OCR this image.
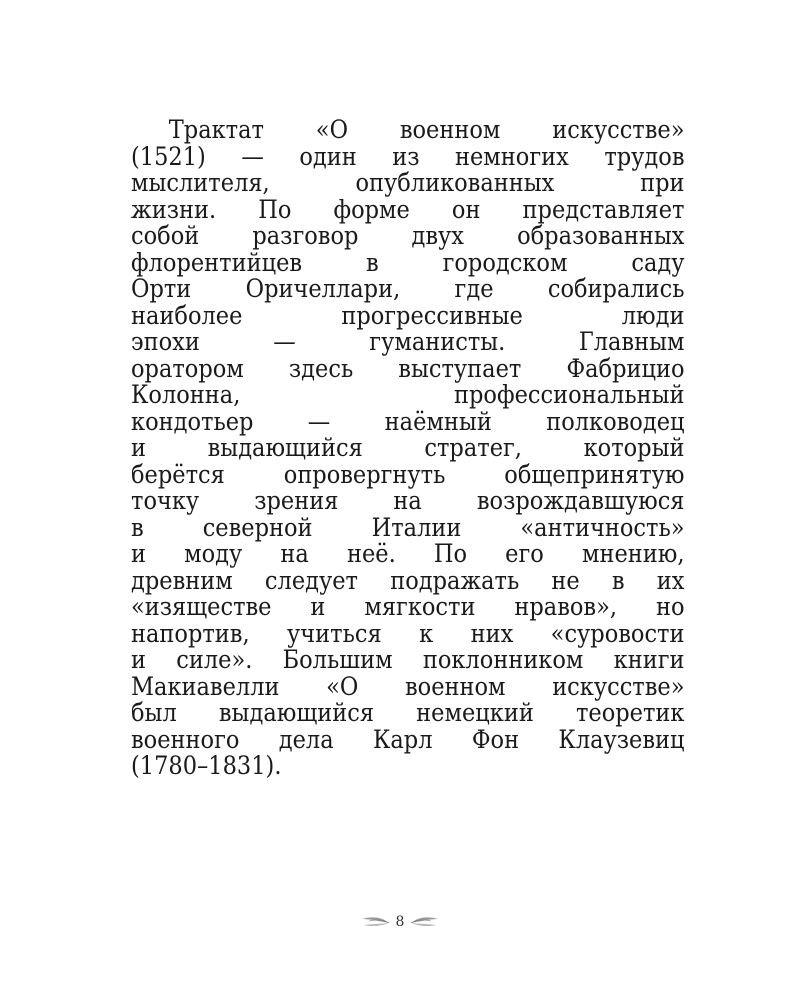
Трактат «О военном искусстве»
(1521) — один из немногих трудов
мыслителя, опубликованных при
жизни. По форме он представляет
собой разговор двух образованных
флорентийцев в городском саду
Орти Оричеллари, где собирались
наиболее прогрессивные люди
эпохи — гуманисты. Главным
оратором здесь выступает Фабрицио
Колонна, профессиональный
кондотьер — наёмный полководец
и выдающийся стратег, который
берётся опровергнуть общепринятую
точку зрения на возрождавшуюся
в северной Италии «античность»
и моду на неё. По его мнению,
древним следует подражать не в их
«изяществе и мягкости нравов», но
напортив, учиться к них «суровости
и силе». Большим поклонником книги
Макиавелли «О военном искусстве»
был выдающийся немецкий теоретик
военного дела Карл Фон Клаузевиц
(1780–1831).
8
